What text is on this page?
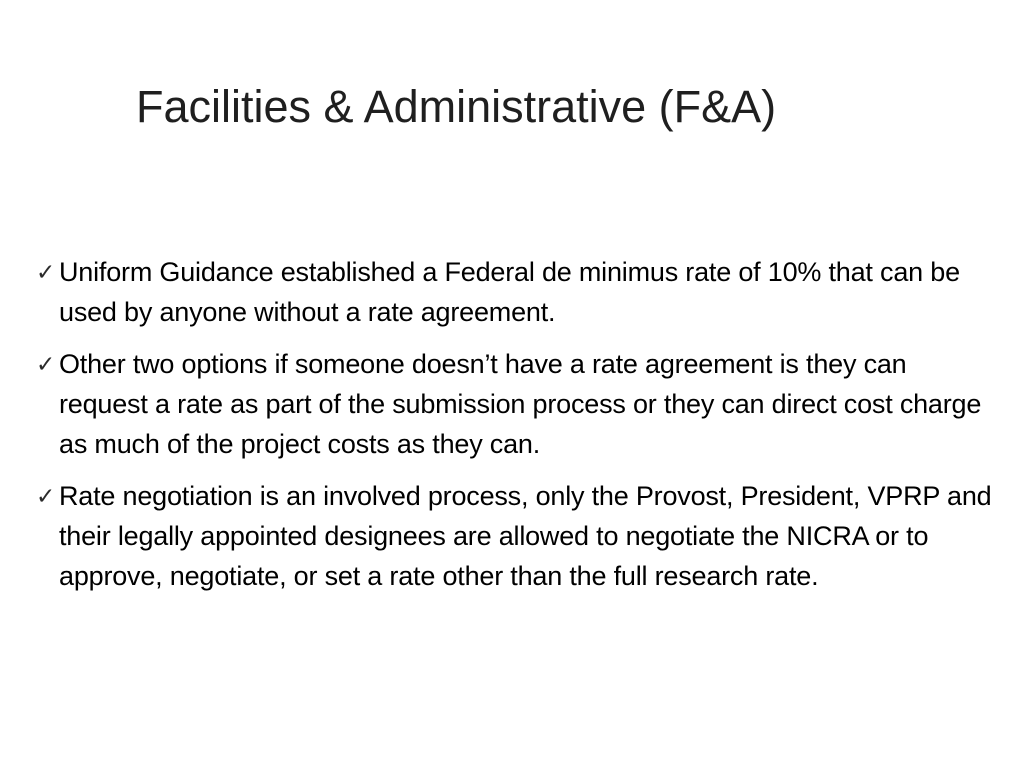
Facilities & Administrative (F&A)
✓ Uniform Guidance established a Federal de minimus rate of 10% that can be used by anyone without a rate agreement.
✓ Other two options if someone doesn’t have a rate agreement is they can request a rate as part of the submission process or they can direct cost charge as much of the project costs as they can.
✓ Rate negotiation is an involved process, only the Provost, President, VPRP and their legally appointed designees are allowed to negotiate the NICRA or to approve, negotiate, or set a rate other than the full research rate.
